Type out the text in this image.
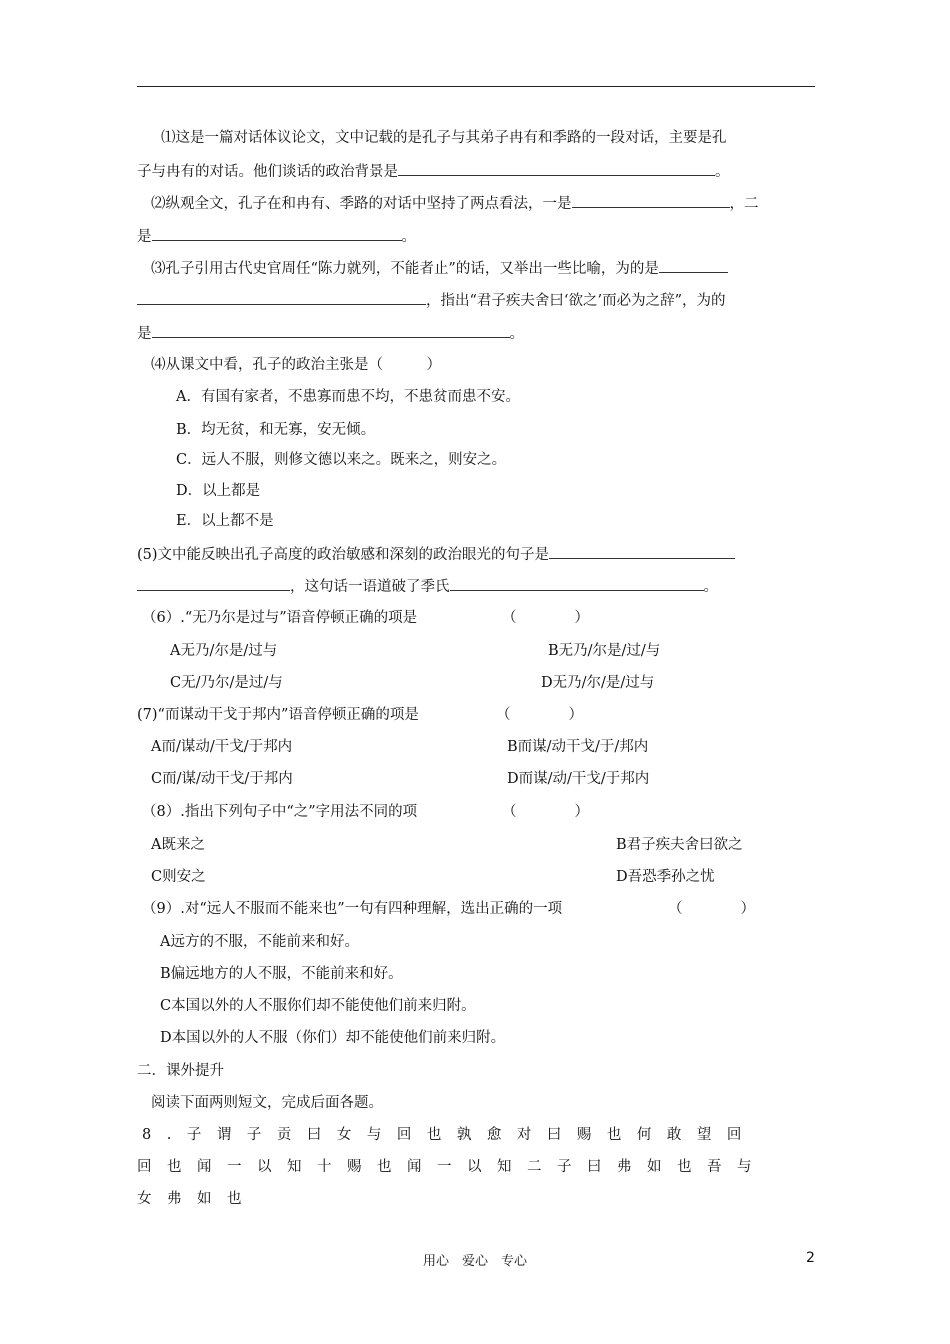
⑴这是一篇对话体议论文，文中记载的是孔子与其弟子冉有和季路的一段对话，主要是孔
子与冉有的对话。他们谈话的政治背景是	。
⑵纵观全文，孔子在和冉有、季路的对话中坚持了两点看法，一是	，二
是	。
⑶孔子引用古代史官周任“陈力就列，不能者止”的话，又举出一些比喻，为的是
，指出“君子疾夫舍曰‘欲之’而必为之辞”，为的
是	。
⑷从课文中看，孔子的政治主张是（　　　）
A．有国有家者，不患寡而患不均，不患贫而患不安。
B．均无贫，和无寡，安无倾。
C．远人不服，则修文德以来之。既来之，则安之。
D．以上都是
E．以上都不是
(5)文中能反映出孔子高度的政治敏感和深刻的政治眼光的句子是
，这句话一语道破了季氏	。
（6）.“无乃尔是过与”语音停顿正确的项是	（　　　　）
A无乃/尔是/过与	B无乃/尔是/过/与
C无/乃尔/是过/与	D无乃/尔/是/过与
(7)“而谋动干戈于邦内”语音停顿正确的项是	（　　　　）
A而/谋动/干戈/于邦内	B而谋/动干戈/于/邦内
C而/谋/动干戈/于邦内	D而谋/动/干戈/于邦内
（8）.指出下列句子中“之”字用法不同的项	（　　　　）
A既来之	B君子疾夫舍曰欲之
C则安之	D吾恐季孙之忧
（9）.对“远人不服而不能来也”一句有四种理解，选出正确的一项	（　　　　）
A远方的不服，不能前来和好。
B偏远地方的人不服，不能前来和好。
C本国以外的人不服你们却不能使他们前来归附。
D本国以外的人不服（你们）却不能使他们前来归附。
二．课外提升
阅读下面两则短文，完成后面各题。
8.子谓子贡曰女与回也孰愈对曰赐也何敢望回
回也闻一以知十赐也闻一以知二子曰弗如也吾与
女弗如也
用心　爱心　专心	2
